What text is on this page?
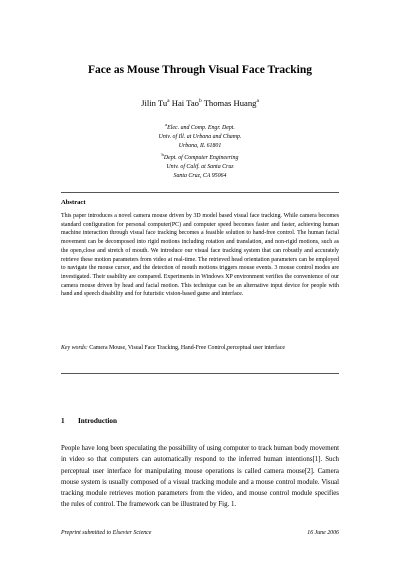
Face as Mouse Through Visual Face Tracking
Jilin Tu$^a$ Hai Tao$^b$ Thomas Huang$^a$
$^a$Elec. and Comp. Engr. Dept.
Univ. of Ill. at Urbana and Champ.
Urbana, IL 61801
$^b$Dept. of Computer Engineering
Univ. of Calif. at Santa Cruz
Santa Cruz, CA 95064
Abstract
This paper introduces a novel camera mouse driven by 3D model based visual face tracking. While camera becomes standard configuration for personal computer(PC) and computer speed becomes faster and faster, achieving human machine interaction through visual face tracking becomes a feasible solution to hand-free control. The human facial movement can be decomposed into rigid motions including rotation and translation, and non-rigid motions, such as the open,close and stretch of mouth. We introduce our visual face tracking system that can robustly and accurately retrieve these motion parameters from video at real-time. The retrieved head orientation parameters can be employed to navigate the mouse cursor, and the detection of mouth motions triggers mouse events. 3 mouse control modes are investigated. Their usability are compared. Experiments in Windows XP environment verifies the convenience of our camera mouse driven by head and facial motion. This technique can be an alternative input device for people with hand and speech disability and for futuristic vision-based game and interface.
Key words: Camera Mouse, Visual Face Tracking, Hand-Free Control,perceptual user interface
1 Introduction
People have long been speculating the possibility of using computer to track human body movement in video so that computers can automatically respond to the inferred human intentions[1]. Such perceptual user interface for manipulating mouse operations is called camera mouse[2]. Camera mouse system is usually composed of a visual tracking module and a mouse control module. Visual tracking module retrieves motion parameters from the video, and mouse control module specifies the rules of control. The framework can be illustrated by Fig. 1.
Preprint submitted to Elsevier Science	16 June 2006
